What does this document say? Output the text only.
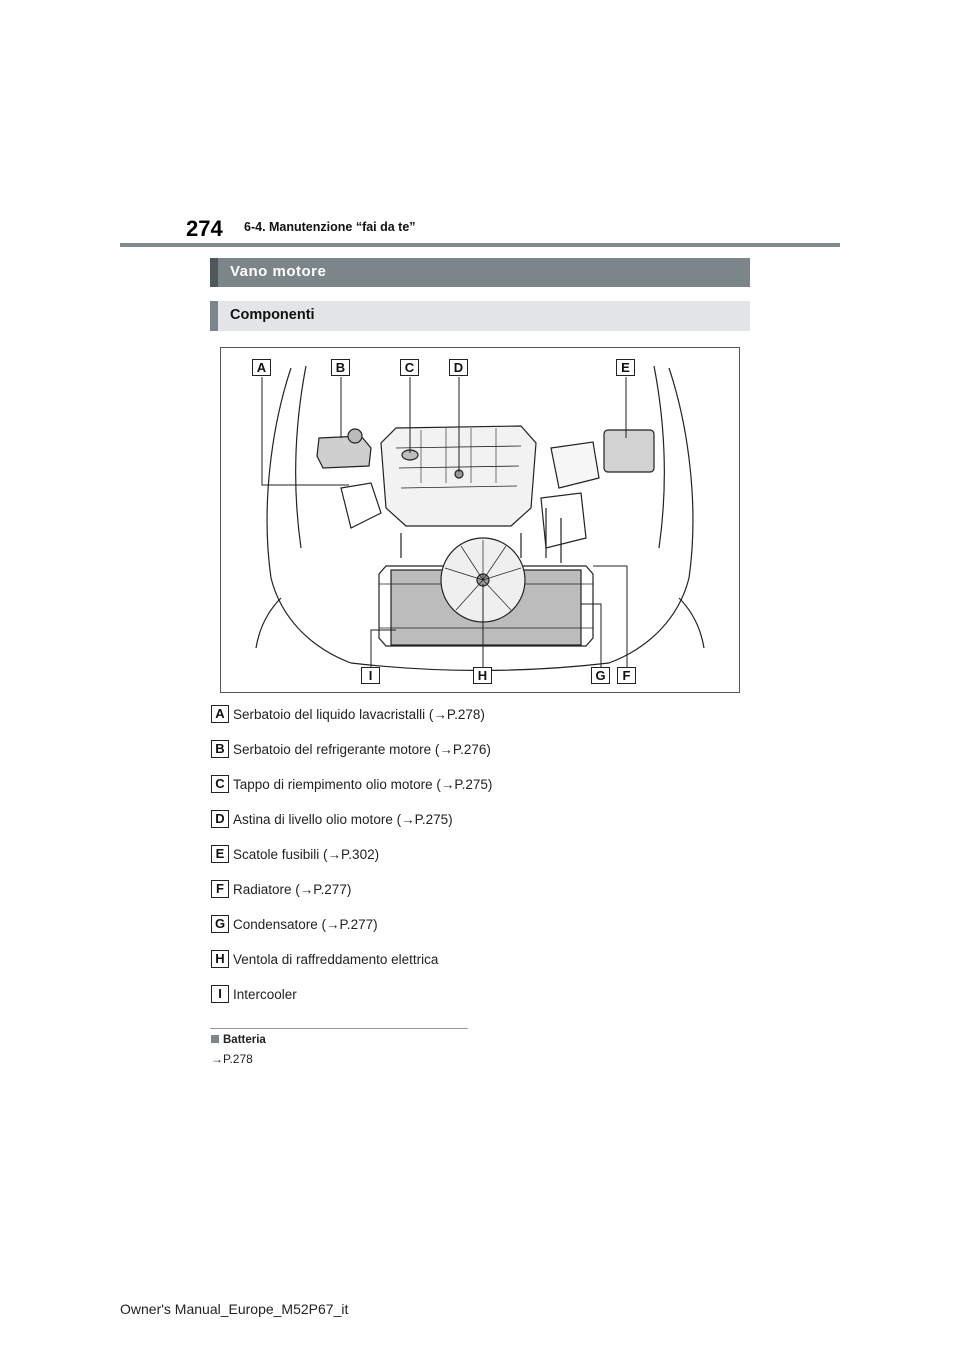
274 6-4. Manutenzione “fai da te”
Vano motore
Componenti
A	B	C	D	E
I	H	G	F
A Serbatoio del liquido lavacristalli (→P.278)
B Serbatoio del refrigerante motore (→P.276)
C Tappo di riempimento olio motore (→P.275)
D Astina di livello olio motore (→P.275)
E Scatole fusibili (→P.302)
F Radiatore (→P.277)
G Condensatore (→P.277)
H Ventola di raffreddamento elettrica
I Intercooler
Batteria
→P.278
Owner's Manual_Europe_M52P67_it
